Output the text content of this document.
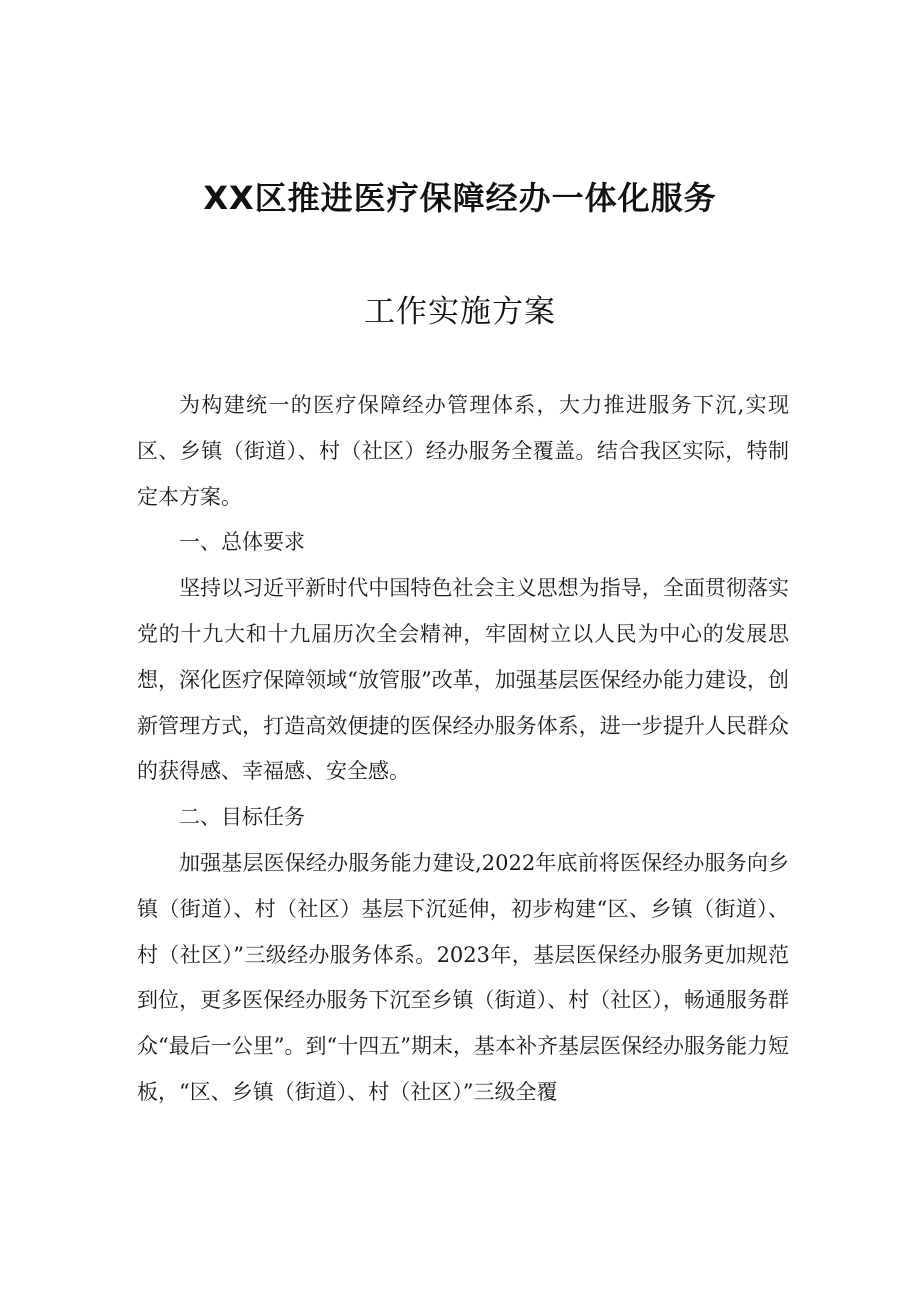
XX区推进医疗保障经办一体化服务
工作实施方案

为构建统一的医疗保障经办管理体系，大力推进服务下沉,实现区、乡镇（街道）、村（社区）经办服务全覆盖。结合我区实际，特制定本方案。

一、总体要求

坚持以习近平新时代中国特色社会主义思想为指导，全面贯彻落实党的十九大和十九届历次全会精神，牢固树立以人民为中心的发展思想，深化医疗保障领域“放管服”改革，加强基层医保经办能力建设，创新管理方式，打造高效便捷的医保经办服务体系，进一步提升人民群众的获得感、幸福感、安全感。

二、目标任务

加强基层医保经办服务能力建设,2022年底前将医保经办服务向乡镇（街道）、村（社区）基层下沉延伸，初步构建“区、乡镇（街道）、村（社区）”三级经办服务体系。2023年，基层医保经办服务更加规范到位，更多医保经办服务下沉至乡镇（街道）、村（社区），畅通服务群众“最后一公里”。到“十四五”期末，基本补齐基层医保经办服务能力短板，“区、乡镇（街道）、村（社区）”三级全覆
